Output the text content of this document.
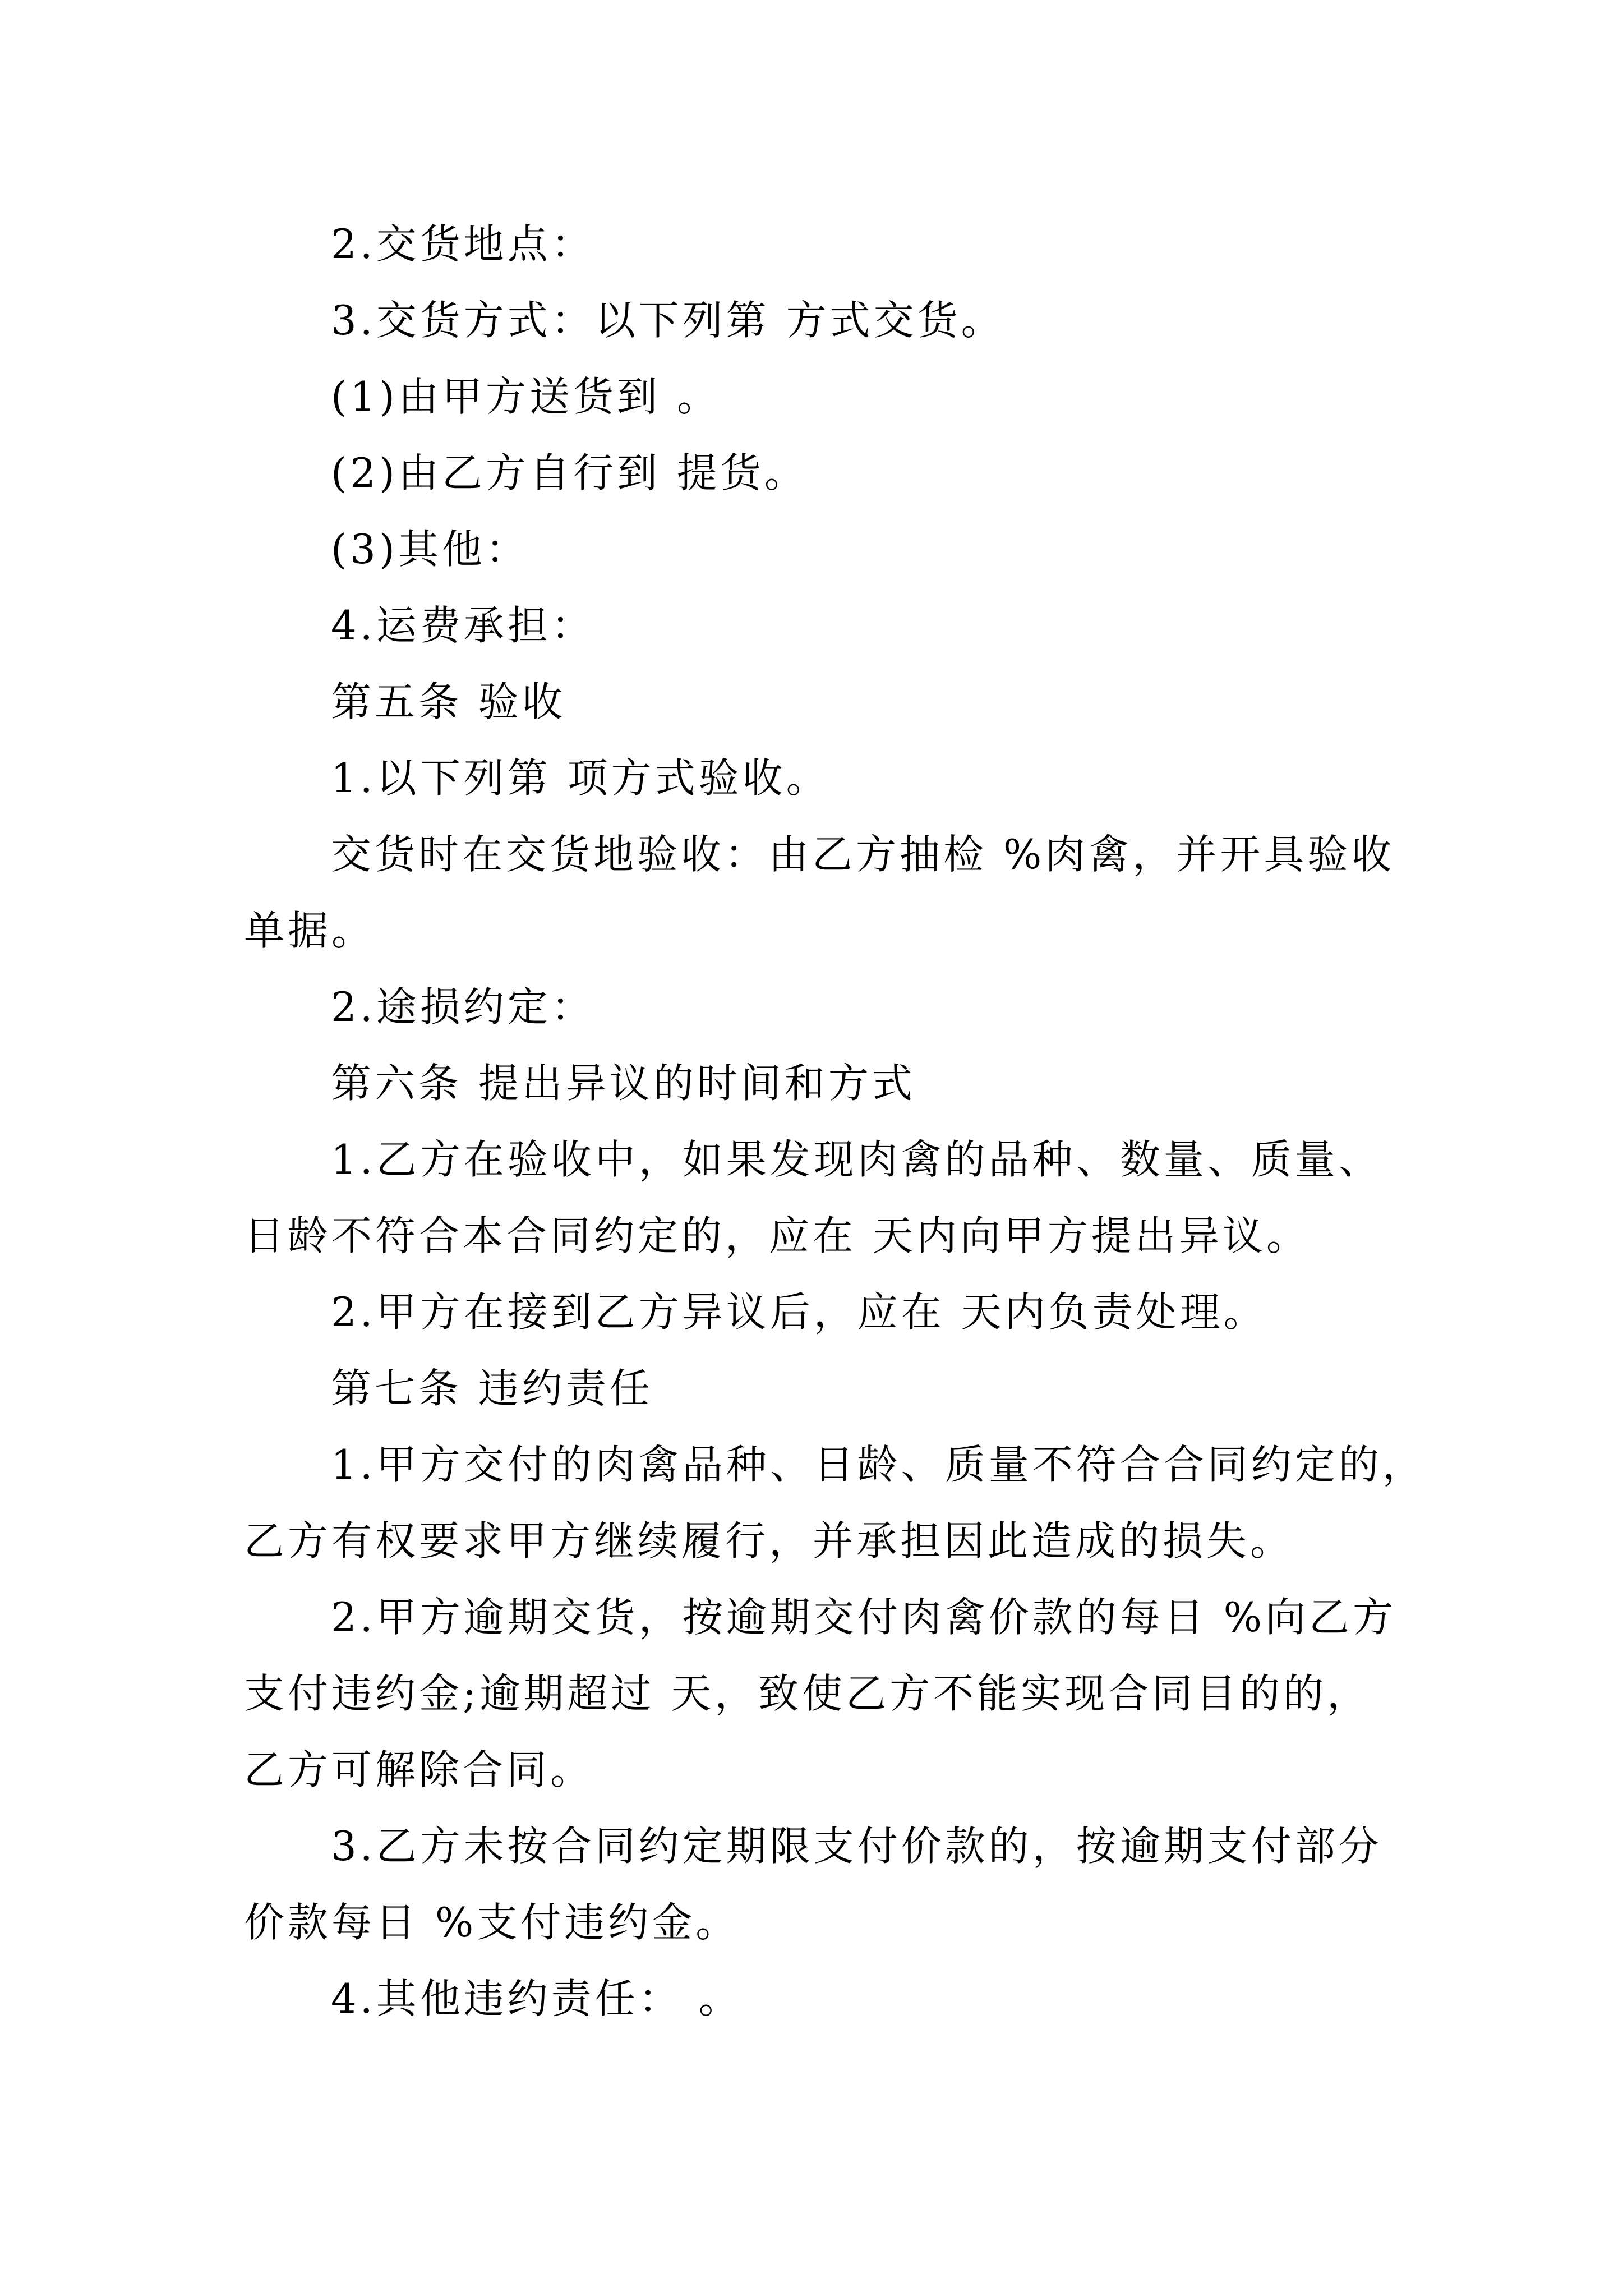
2.交货地点：
3.交货方式：以下列第 方式交货。
(1)由甲方送货到 。
(2)由乙方自行到 提货。
(3)其他：
4.运费承担：
第五条 验收
1.以下列第 项方式验收。
交货时在交货地验收：由乙方抽检 %肉禽，并开具验收
单据。
2.途损约定：
第六条 提出异议的时间和方式
1.乙方在验收中，如果发现肉禽的品种、数量、质量、
日龄不符合本合同约定的，应在 天内向甲方提出异议。
2.甲方在接到乙方异议后，应在 天内负责处理。
第七条 违约责任
1.甲方交付的肉禽品种、日龄、质量不符合合同约定的，
乙方有权要求甲方继续履行，并承担因此造成的损失。
2.甲方逾期交货，按逾期交付肉禽价款的每日 %向乙方
支付违约金;逾期超过 天，致使乙方不能实现合同目的的，
乙方可解除合同。
3.乙方未按合同约定期限支付价款的，按逾期支付部分
价款每日 %支付违约金。
4.其他违约责任： 。
